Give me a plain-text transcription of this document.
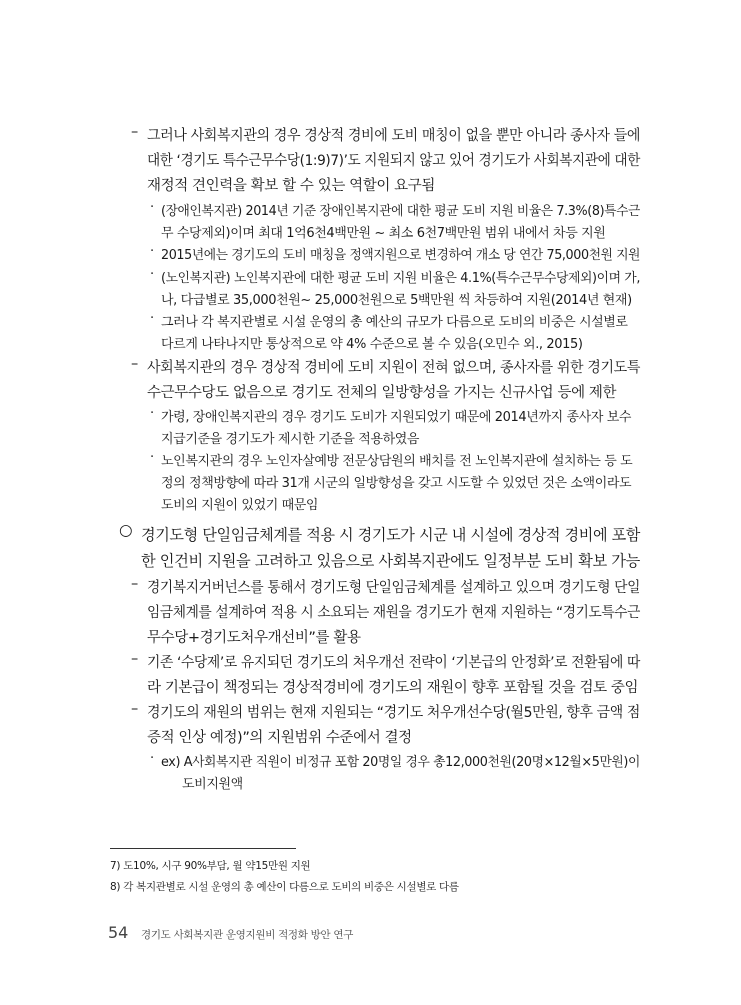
– 그러나 사회복지관의 경우 경상적 경비에 도비 매칭이 없을 뿐만 아니라 종사자 들에
대한 ‘경기도 특수근무수당(1:9)7)’도 지원되지 않고 있어 경기도가 사회복지관에 대한
재정적 견인력을 확보 할 수 있는 역할이 요구됨
· (장애인복지관) 2014년 기준 장애인복지관에 대한 평균 도비 지원 비율은 7.3%(8)특수근
무 수당제외)이며 최대 1억6천4백만원 ~ 최소 6천7백만원 범위 내에서 차등 지원
· 2015년에는 경기도의 도비 매칭을 정액지원으로 변경하여 개소 당 연간 75,000천원 지원
· (노인복지관) 노인복지관에 대한 평균 도비 지원 비율은 4.1%(특수근무수당제외)이며 가,
나, 다급별로 35,000천원~ 25,000천원으로 5백만원 씩 차등하여 지원(2014년 현재)
· 그러나 각 복지관별로 시설 운영의 총 예산의 규모가 다름으로 도비의 비중은 시설별로
다르게 나타나지만 통상적으로 약 4% 수준으로 볼 수 있음(오민수 외., 2015)
– 사회복지관의 경우 경상적 경비에 도비 지원이 전혀 없으며, 종사자를 위한 경기도특
수근무수당도 없음으로 경기도 전체의 일방향성을 가지는 신규사업 등에 제한
· 가령, 장애인복지관의 경우 경기도 도비가 지원되었기 때문에 2014년까지 종사자 보수
지급기준을 경기도가 제시한 기준을 적용하였음
· 노인복지관의 경우 노인자살예방 전문상담원의 배치를 전 노인복지관에 설치하는 등 도
정의 정책방향에 따라 31개 시군의 일방향성을 갖고 시도할 수 있었던 것은 소액이라도
도비의 지원이 있었기 때문임
○ 경기도형 단일임금체계를 적용 시 경기도가 시군 내 시설에 경상적 경비에 포함
한 인건비 지원을 고려하고 있음으로 사회복지관에도 일정부분 도비 확보 가능
– 경기복지거버넌스를 통해서 경기도형 단일임금체계를 설계하고 있으며 경기도형 단일
임금체계를 설계하여 적용 시 소요되는 재원을 경기도가 현재 지원하는 “경기도특수근
무수당+경기도처우개선비”를 활용
– 기존 ‘수당제’로 유지되던 경기도의 처우개선 전략이 ‘기본급의 안정화’로 전환됨에 따
라 기본급이 책정되는 경상적경비에 경기도의 재원이 향후 포함될 것을 검토 중임
– 경기도의 재원의 범위는 현재 지원되는 “경기도 처우개선수당(월5만원, 향후 금액 점
증적 인상 예정)”의 지원범위 수준에서 결정
· ex) A사회복지관 직원이 비정규 포함 20명일 경우 총12,000천원(20명×12월×5만원)이
도비지원액
7) 도10%, 시구 90%부담, 월 약15만원 지원
8) 각 복지관별로 시설 운영의 총 예산이 다름으로 도비의 비중은 시설별로 다름
54 경기도 사회복지관 운영지원비 적정화 방안 연구
